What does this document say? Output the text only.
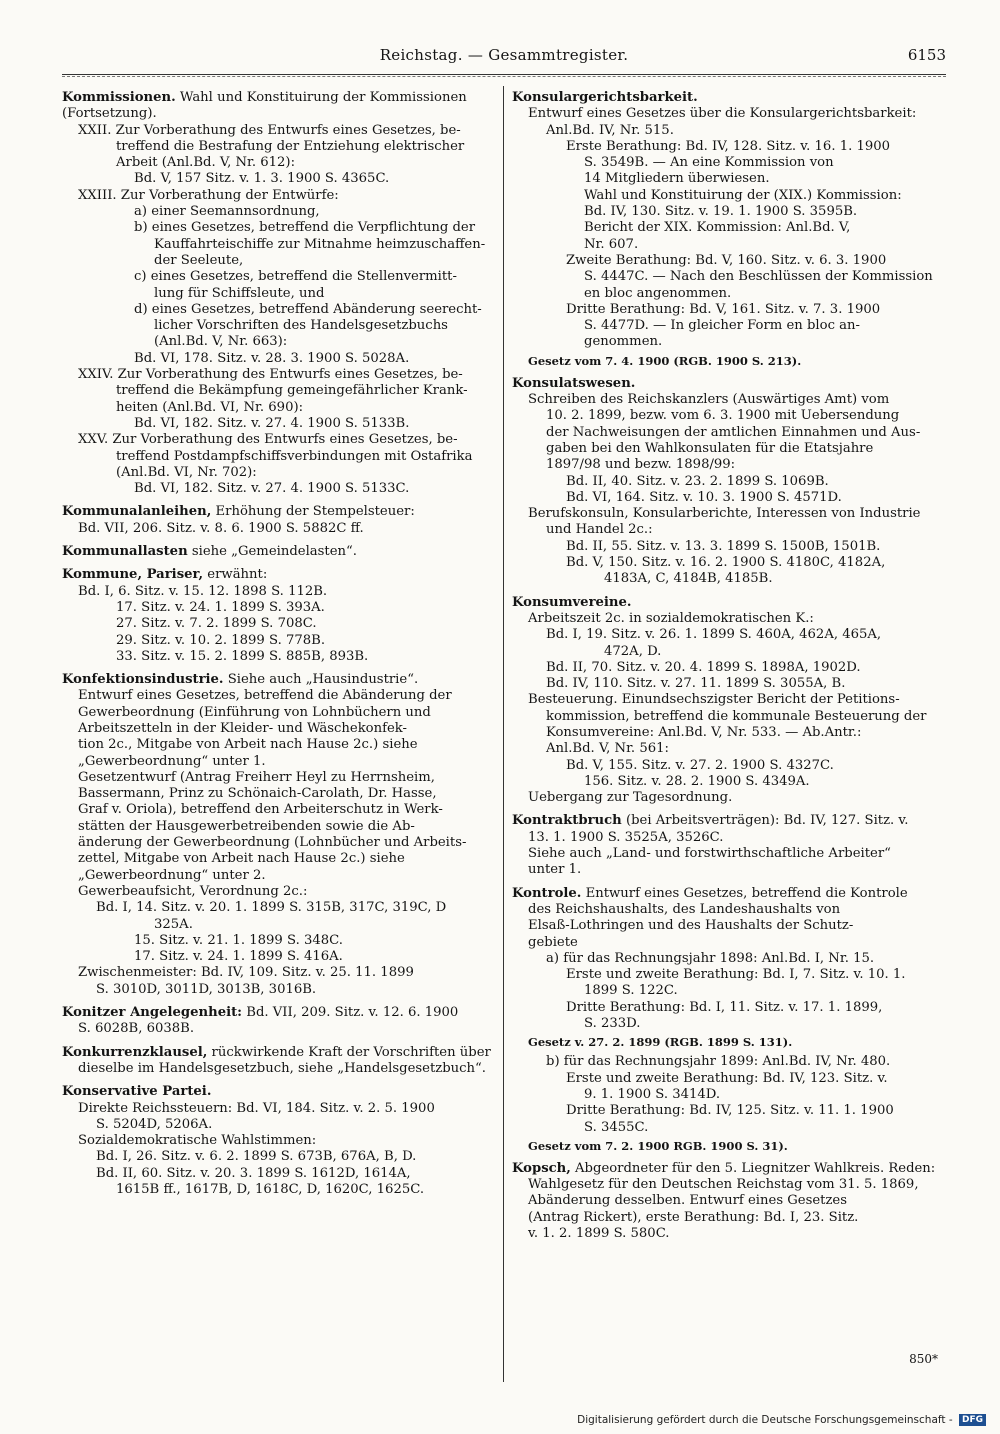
Reichstag. — Gesammtregister.	6153
Kommissionen. Wahl und Konstituirung der Kommissionen
(Fortsetzung).
XXII. Zur Vorberathung des Entwurfs eines Gesetzes, be-
treffend die Bestrafung der Entziehung elektrischer
Arbeit (Anl.Bd. V, Nr. 612):
Bd. V, 157 Sitz. v. 1. 3. 1900 S. 4365C.
XXIII. Zur Vorberathung der Entwürfe:
a) einer Seemannsordnung,
b) eines Gesetzes, betreffend die Verpflichtung der
Kauffahrteischiffe zur Mitnahme heimzuschaffen-
der Seeleute,
c) eines Gesetzes, betreffend die Stellenvermitt-
lung für Schiffsleute, und
d) eines Gesetzes, betreffend Abänderung seerecht-
licher Vorschriften des Handelsgesetzbuchs
(Anl.Bd. V, Nr. 663):
Bd. VI, 178. Sitz. v. 28. 3. 1900 S. 5028A.
XXIV. Zur Vorberathung des Entwurfs eines Gesetzes, be-
treffend die Bekämpfung gemeingefährlicher Krank-
heiten (Anl.Bd. VI, Nr. 690):
Bd. VI, 182. Sitz. v. 27. 4. 1900 S. 5133B.
XXV. Zur Vorberathung des Entwurfs eines Gesetzes, be-
treffend Postdampfschiffsverbindungen mit Ostafrika
(Anl.Bd. VI, Nr. 702):
Bd. VI, 182. Sitz. v. 27. 4. 1900 S. 5133C.
Kommunalanleihen, Erhöhung der Stempelsteuer:
Bd. VII, 206. Sitz. v. 8. 6. 1900 S. 5882C ff.
Kommunallasten siehe „Gemeindelasten“.
Kommune, Pariser, erwähnt:
Bd. I, 6. Sitz. v. 15. 12. 1898 S. 112B.
17. Sitz. v. 24. 1. 1899 S. 393A.
27. Sitz. v. 7. 2. 1899 S. 708C.
29. Sitz. v. 10. 2. 1899 S. 778B.
33. Sitz. v. 15. 2. 1899 S. 885B, 893B.
Konfektionsindustrie. Siehe auch „Hausindustrie“.
Entwurf eines Gesetzes, betreffend die Abänderung der
Gewerbeordnung (Einführung von Lohnbüchern und
Arbeitszetteln in der Kleider- und Wäschekonfek-
tion 2c., Mitgabe von Arbeit nach Hause 2c.) siehe
„Gewerbeordnung“ unter 1.
Gesetzentwurf (Antrag Freiherr Heyl zu Herrnsheim,
Bassermann, Prinz zu Schönaich-Carolath, Dr. Hasse,
Graf v. Oriola), betreffend den Arbeiterschutz in Werk-
stätten der Hausgewerbetreibenden sowie die Ab-
änderung der Gewerbeordnung (Lohnbücher und Arbeits-
zettel, Mitgabe von Arbeit nach Hause 2c.) siehe
„Gewerbeordnung“ unter 2.
Gewerbeaufsicht, Verordnung 2c.:
Bd. I, 14. Sitz. v. 20. 1. 1899 S. 315B, 317C, 319C, D
325A.
15. Sitz. v. 21. 1. 1899 S. 348C.
17. Sitz. v. 24. 1. 1899 S. 416A.
Zwischenmeister: Bd. IV, 109. Sitz. v. 25. 11. 1899
S. 3010D, 3011D, 3013B, 3016B.
Konitzer Angelegenheit: Bd. VII, 209. Sitz. v. 12. 6. 1900
S. 6028B, 6038B.
Konkurrenzklausel, rückwirkende Kraft der Vorschriften über
dieselbe im Handelsgesetzbuch, siehe „Handelsgesetzbuch“.
Konservative Partei.
Direkte Reichssteuern: Bd. VI, 184. Sitz. v. 2. 5. 1900
S. 5204D, 5206A.
Sozialdemokratische Wahlstimmen:
Bd. I, 26. Sitz. v. 6. 2. 1899 S. 673B, 676A, B, D.
Bd. II, 60. Sitz. v. 20. 3. 1899 S. 1612D, 1614A,
1615B ff., 1617B, D, 1618C, D, 1620C, 1625C.
Konsulargerichtsbarkeit.
Entwurf eines Gesetzes über die Konsulargerichtsbarkeit:
Anl.Bd. IV, Nr. 515.
Erste Berathung: Bd. IV, 128. Sitz. v. 16. 1. 1900
S. 3549B. — An eine Kommission von
14 Mitgliedern überwiesen.
Wahl und Konstituirung der (XIX.) Kommission:
Bd. IV, 130. Sitz. v. 19. 1. 1900 S. 3595B.
Bericht der XIX. Kommission: Anl.Bd. V,
Nr. 607.
Zweite Berathung: Bd. V, 160. Sitz. v. 6. 3. 1900
S. 4447C. — Nach den Beschlüssen der Kommission
en bloc angenommen.
Dritte Berathung: Bd. V, 161. Sitz. v. 7. 3. 1900
S. 4477D. — In gleicher Form en bloc an-
genommen.
Gesetz vom 7. 4. 1900 (RGB. 1900 S. 213).
Konsulatswesen.
Schreiben des Reichskanzlers (Auswärtiges Amt) vom
10. 2. 1899, bezw. vom 6. 3. 1900 mit Uebersendung
der Nachweisungen der amtlichen Einnahmen und Aus-
gaben bei den Wahlkonsulaten für die Etatsjahre
1897/98 und bezw. 1898/99:
Bd. II, 40. Sitz. v. 23. 2. 1899 S. 1069B.
Bd. VI, 164. Sitz. v. 10. 3. 1900 S. 4571D.
Berufskonsuln, Konsularberichte, Interessen von Industrie
und Handel 2c.:
Bd. II, 55. Sitz. v. 13. 3. 1899 S. 1500B, 1501B.
Bd. V, 150. Sitz. v. 16. 2. 1900 S. 4180C, 4182A,
4183A, C, 4184B, 4185B.
Konsumvereine.
Arbeitszeit 2c. in sozialdemokratischen K.:
Bd. I, 19. Sitz. v. 26. 1. 1899 S. 460A, 462A, 465A,
472A, D.
Bd. II, 70. Sitz. v. 20. 4. 1899 S. 1898A, 1902D.
Bd. IV, 110. Sitz. v. 27. 11. 1899 S. 3055A, B.
Besteuerung. Einundsechszigster Bericht der Petitions-
kommission, betreffend die kommunale Besteuerung der
Konsumvereine: Anl.Bd. V, Nr. 533. — Ab.Antr.:
Anl.Bd. V, Nr. 561:
Bd. V, 155. Sitz. v. 27. 2. 1900 S. 4327C.
156. Sitz. v. 28. 2. 1900 S. 4349A.
Uebergang zur Tagesordnung.
Kontraktbruch (bei Arbeitsverträgen): Bd. IV, 127. Sitz. v.
13. 1. 1900 S. 3525A, 3526C.
Siehe auch „Land- und forstwirthschaftliche Arbeiter“
unter 1.
Kontrole. Entwurf eines Gesetzes, betreffend die Kontrole
des Reichshaushalts, des Landeshaushalts von
Elsaß-Lothringen und des Haushalts der Schutz-
gebiete
a) für das Rechnungsjahr 1898: Anl.Bd. I, Nr. 15.
Erste und zweite Berathung: Bd. I, 7. Sitz. v. 10. 1.
1899 S. 122C.
Dritte Berathung: Bd. I, 11. Sitz. v. 17. 1. 1899,
S. 233D.
Gesetz v. 27. 2. 1899 (RGB. 1899 S. 131).
b) für das Rechnungsjahr 1899: Anl.Bd. IV, Nr. 480.
Erste und zweite Berathung: Bd. IV, 123. Sitz. v.
9. 1. 1900 S. 3414D.
Dritte Berathung: Bd. IV, 125. Sitz. v. 11. 1. 1900
S. 3455C.
Gesetz vom 7. 2. 1900 RGB. 1900 S. 31).
Kopsch, Abgeordneter für den 5. Liegnitzer Wahlkreis. Reden:
Wahlgesetz für den Deutschen Reichstag vom 31. 5. 1869,
Abänderung desselben. Entwurf eines Gesetzes
(Antrag Rickert), erste Berathung: Bd. I, 23. Sitz.
v. 1. 2. 1899 S. 580C.
850*
Digitalisierung gefördert durch die Deutsche Forschungsgemeinschaft - DFG
